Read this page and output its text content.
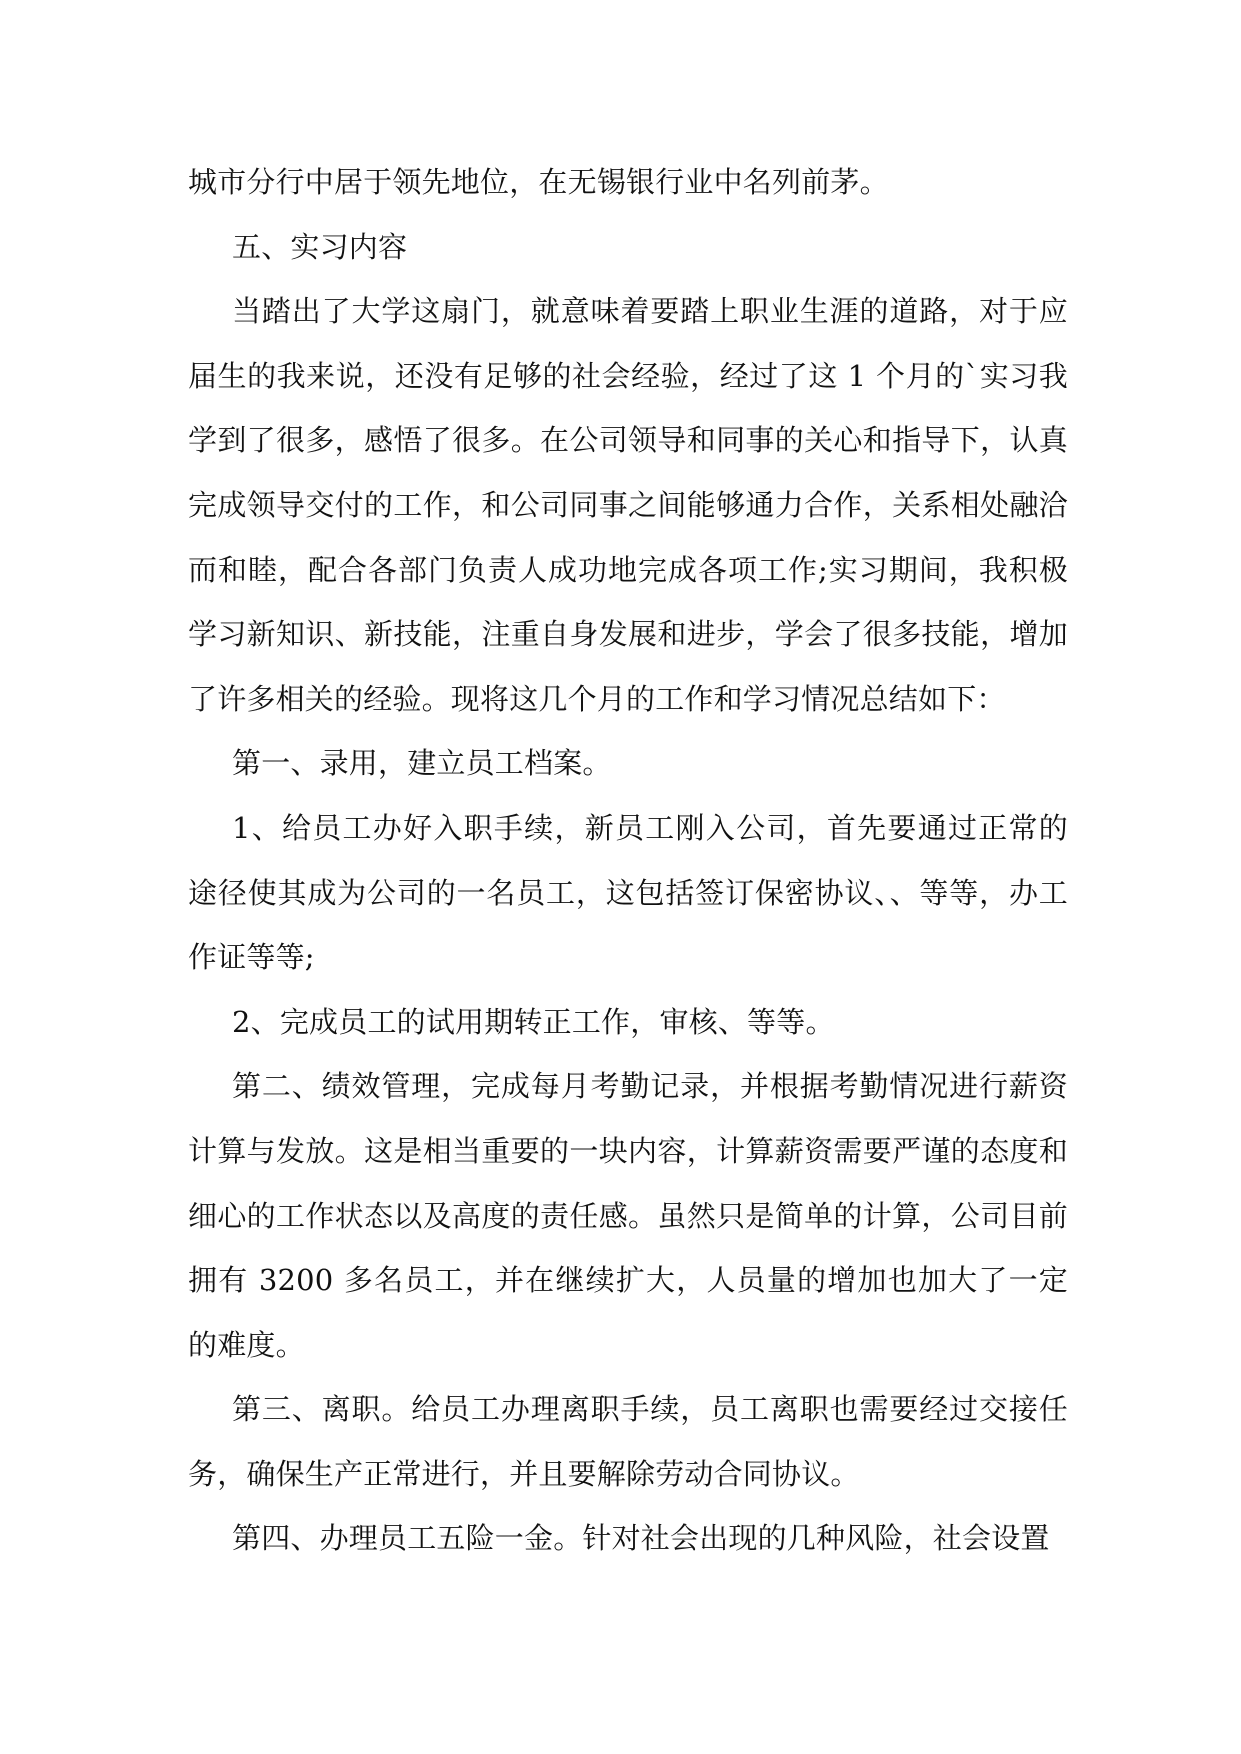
城市分行中居于领先地位，在无锡银行业中名列前茅。

五、实习内容

当踏出了大学这扇门，就意味着要踏上职业生涯的道路，对于应届生的我来说，还没有足够的社会经验，经过了这 1 个月的`实习我学到了很多，感悟了很多。在公司领导和同事的关心和指导下，认真完成领导交付的工作，和公司同事之间能够通力合作，关系相处融洽而和睦，配合各部门负责人成功地完成各项工作;实习期间，我积极学习新知识、新技能，注重自身发展和进步，学会了很多技能，增加了许多相关的经验。现将这几个月的工作和学习情况总结如下：

第一、录用，建立员工档案。

1、给员工办好入职手续，新员工刚入公司，首先要通过正常的途径使其成为公司的一名员工，这包括签订保密协议、、等等，办工作证等等;

2、完成员工的试用期转正工作，审核、等等。

第二、绩效管理，完成每月考勤记录，并根据考勤情况进行薪资计算与发放。这是相当重要的一块内容，计算薪资需要严谨的态度和细心的工作状态以及高度的责任感。虽然只是简单的计算，公司目前拥有 3200 多名员工，并在继续扩大，人员量的增加也加大了一定的难度。

第三、离职。给员工办理离职手续，员工离职也需要经过交接任务，确保生产正常进行，并且要解除劳动合同协议。

第四、办理员工五险一金。针对社会出现的几种风险，社会设置
